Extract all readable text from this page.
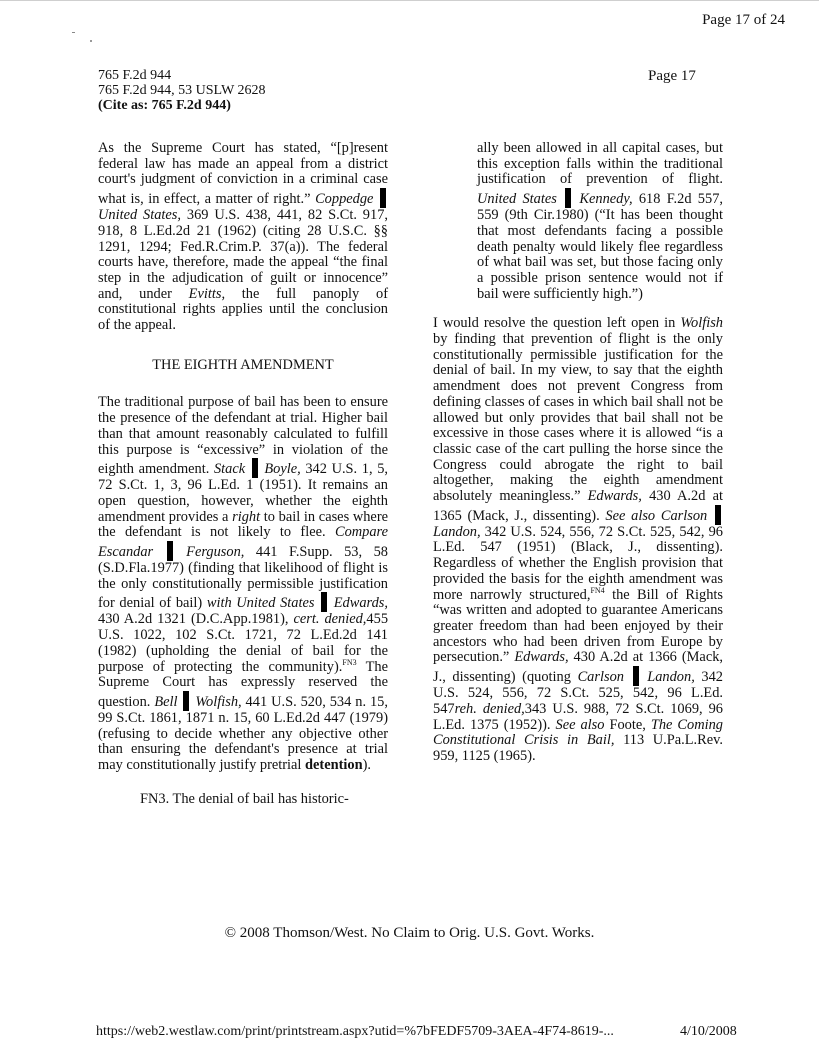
Page 17 of 24
765 F.2d 944
765 F.2d 944, 53 USLW 2628
(Cite as: 765 F.2d 944)
Page 17

As the Supreme Court has stated, “[p]resent federal law has made an appeal from a district court's judgment of conviction in a criminal case what is, in effect, a matter of right.” Coppedge  United States, 369 U.S. 438, 441, 82 S.Ct. 917, 918, 8 L.Ed.2d 21 (1962) (citing 28 U.S.C. §§ 1291, 1294; Fed.R.Crim.P. 37(a)). The federal courts have, therefore, made the appeal “the final step in the adjudication of guilt or innocence” and, under Evitts, the full panoply of constitutional rights applies until the conclusion of the appeal.

THE EIGHTH AMENDMENT

The traditional purpose of bail has been to ensure the presence of the defendant at trial. Higher bail than that amount reasonably calculated to fulfill this purpose is “excessive” in violation of the eighth amendment. Stack Boyle, 342 U.S. 1, 5, 72 S.Ct. 1, 3, 96 L.Ed. 1 (1951). It remains an open question, however, whether the eighth amendment provides a right to bail in cases where the defendant is not likely to flee. Compare Escandar Ferguson, 441 F.Supp. 53, 58 (S.D.Fla.1977) (finding that likelihood of flight is the only constitutionally permissible justification for denial of bail) with United States Edwards, 430 A.2d 1321 (D.C.App.1981), cert. denied,455 U.S. 1022, 102 S.Ct. 1721, 72 L.Ed.2d 141 (1982) (upholding the denial of bail for the purpose of protecting the community).$^{FN3}$ The Supreme Court has expressly reserved the question. Bell Wolfish, 441 U.S. 520, 534 n. 15, 99 S.Ct. 1861, 1871 n. 15, 60 L.Ed.2d 447 (1979) (refusing to decide whether any objective other than ensuring the defendant's presence at trial may constitutionally justify pretrial detention).

FN3. The denial of bail has historic-

ally been allowed in all capital cases, but this exception falls within the traditional justification of prevention of flight. United States Kennedy, 618 F.2d 557, 559 (9th Cir.1980) (“It has been thought that most defendants facing a possible death penalty would likely flee regardless of what bail was set, but those facing only a possible prison sentence would not if bail were sufficiently high.”)

I would resolve the question left open in Wolfish by finding that prevention of flight is the only constitutionally permissible justification for the denial of bail. In my view, to say that the eighth amendment does not prevent Congress from defining classes of cases in which bail shall not be allowed but only provides that bail shall not be excessive in those cases where it is allowed “is a classic case of the cart pulling the horse since the Congress could abrogate the right to bail altogether, making the eighth amendment absolutely meaningless.” Edwards, 430 A.2d at 1365 (Mack, J., dissenting). See also Carlson  Landon, 342 U.S. 524, 556, 72 S.Ct. 525, 542, 96 L.Ed. 547 (1951) (Black, J., dissenting). Regardless of whether the English provision that provided the basis for the eighth amendment was more narrowly structured,$^{FN4}$ the Bill of Rights “was written and adopted to guarantee Americans greater freedom than had been enjoyed by their ancestors who had been driven from Europe by persecution.” Edwards, 430 A.2d at 1366 (Mack, J., dissenting) (quoting Carlson Landon, 342 U.S. 524, 556, 72 S.Ct. 525, 542, 96 L.Ed. 547reh. denied,343 U.S. 988, 72 S.Ct. 1069, 96 L.Ed. 1375 (1952)). See also Foote, The Coming Constitutional Crisis in Bail, 113 U.Pa.L.Rev. 959, 1125 (1965).

© 2008 Thomson/West. No Claim to Orig. U.S. Govt. Works.
https://web2.westlaw.com/print/printstream.aspx?utid=%7bFEDF5709-3AEA-4F74-8619-...	4/10/2008
